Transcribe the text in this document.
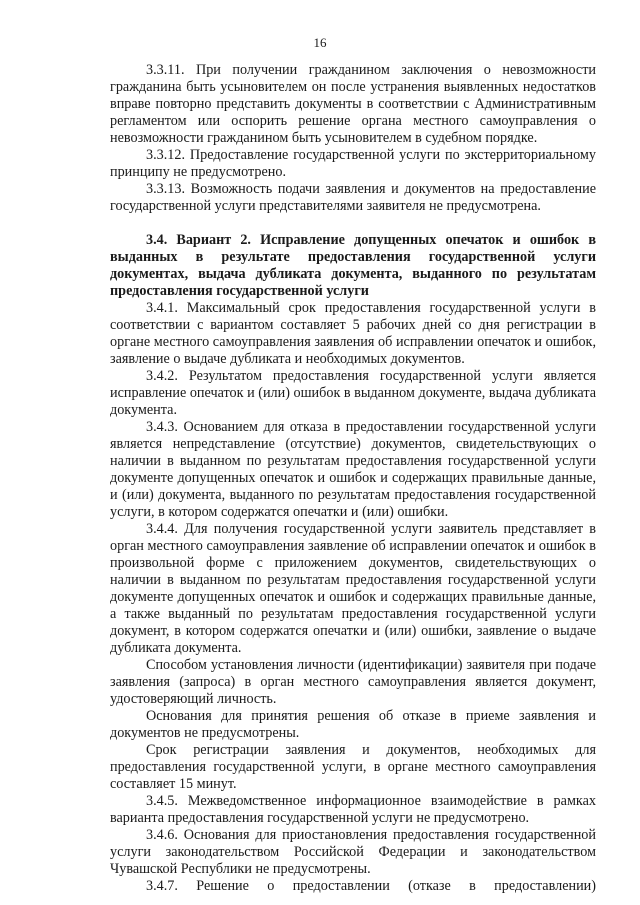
16

3.3.11. При получении гражданином заключения о невозможности гражданина быть усыновителем он после устранения выявленных недостатков вправе повторно представить документы в соответствии с Административным регламентом или оспорить решение органа местного самоуправления о невозможности гражданином быть усыновителем в судебном порядке.

3.3.12. Предоставление государственной услуги по экстерриториальному принципу не предусмотрено.

3.3.13. Возможность подачи заявления и документов на предоставление государственной услуги представителями заявителя не предусмотрена.

3.4. Вариант 2. Исправление допущенных опечаток и ошибок в выданных в результате предоставления государственной услуги документах, выдача дубликата документа, выданного по результатам предоставления государственной услуги

3.4.1. Максимальный срок предоставления государственной услуги в соответствии с вариантом составляет 5 рабочих дней со дня регистрации в органе местного самоуправления заявления об исправлении опечаток и ошибок, заявление о выдаче дубликата и необходимых документов.

3.4.2. Результатом предоставления государственной услуги является исправление опечаток и (или) ошибок в выданном документе, выдача дубликата документа.

3.4.3. Основанием для отказа в предоставлении государственной услуги является непредставление (отсутствие) документов, свидетельствующих о наличии в выданном по результатам предоставления государственной услуги документе допущенных опечаток и ошибок и содержащих правильные данные, и (или) документа, выданного по результатам предоставления государственной услуги, в котором содержатся опечатки и (или) ошибки.

3.4.4. Для получения государственной услуги заявитель представляет в орган местного самоуправления заявление об исправлении опечаток и ошибок в произвольной форме с приложением документов, свидетельствующих о наличии в выданном по результатам предоставления государственной услуги документе допущенных опечаток и ошибок и содержащих правильные данные, а также выданный по результатам предоставления государственной услуги документ, в котором содержатся опечатки и (или) ошибки, заявление о выдаче дубликата документа.

Способом установления личности (идентификации) заявителя при подаче заявления (запроса) в орган местного самоуправления является документ, удостоверяющий личность.

Основания для принятия решения об отказе в приеме заявления и документов не предусмотрены.

Срок регистрации заявления и документов, необходимых для предоставления государственной услуги, в органе местного самоуправления составляет 15 минут.

3.4.5. Межведомственное информационное взаимодействие в рамках варианта предоставления государственной услуги не предусмотрено.

3.4.6. Основания для приостановления предоставления государственной услуги законодательством Российской Федерации и законодательством Чувашской Республики не предусмотрены.

3.4.7. Решение о предоставлении (отказе в предоставлении)
